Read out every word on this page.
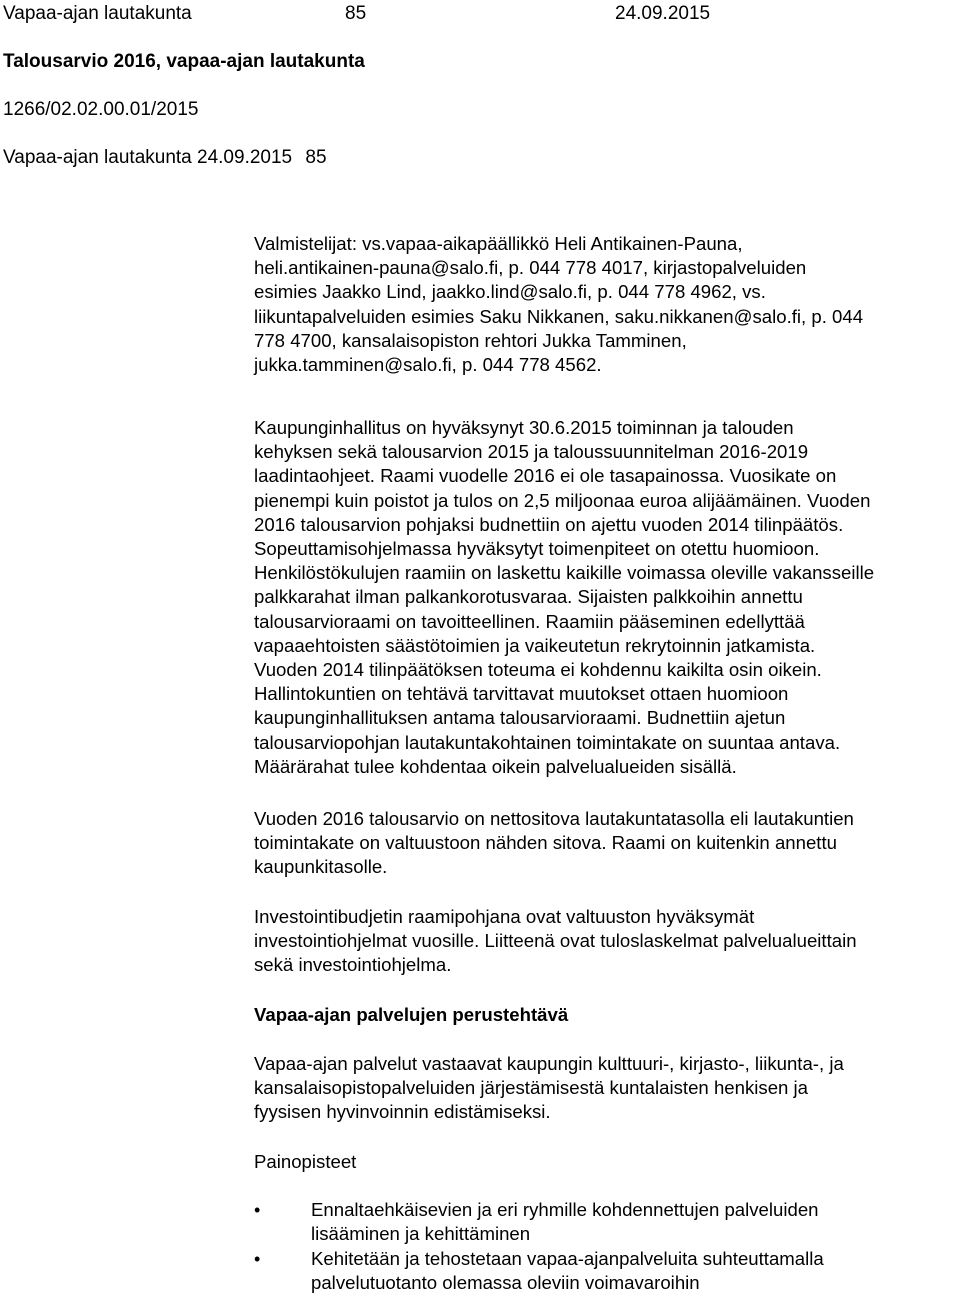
Vapaa-ajan lautakunta	85	24.09.2015
Talousarvio 2016, vapaa-ajan lautakunta
1266/02.02.00.01/2015
Vapaa-ajan lautakunta 24.09.2015 85
Valmistelijat: vs.vapaa-aikapäällikkö Heli Antikainen-Pauna,
heli.antikainen-pauna@salo.fi, p. 044 778 4017, kirjastopalveluiden
esimies Jaakko Lind, jaakko.lind@salo.fi, p. 044 778 4962, vs.
liikuntapalveluiden esimies Saku Nikkanen, saku.nikkanen@salo.fi, p. 044
778 4700, kansalaisopiston rehtori Jukka Tamminen,
jukka.tamminen@salo.fi, p. 044 778 4562.
Kaupunginhallitus on hyväksynyt 30.6.2015 toiminnan ja talouden
kehyksen sekä talousarvion 2015 ja taloussuunnitelman 2016-2019
laadintaohjeet. Raami vuodelle 2016 ei ole tasapainossa. Vuosikate on
pienempi kuin poistot ja tulos on 2,5 miljoonaa euroa alijäämäinen. Vuoden
2016 talousarvion pohjaksi budnettiin on ajettu vuoden 2014 tilinpäätös.
Sopeuttamisohjelmassa hyväksytyt toimenpiteet on otettu huomioon.
Henkilöstökulujen raamiin on laskettu kaikille voimassa oleville vakansseille
palkkarahat ilman palkankorotusvaraa. Sijaisten palkkoihin annettu
talousarvioraami on tavoitteellinen. Raamiin pääseminen edellyttää
vapaaehtoisten säästötoimien ja vaikeutetun rekrytoinnin jatkamista.
Vuoden 2014 tilinpäätöksen toteuma ei kohdennu kaikilta osin oikein.
Hallintokuntien on tehtävä tarvittavat muutokset ottaen huomioon
kaupunginhallituksen antama talousarvioraami. Budnettiin ajetun
talousarviopohjan lautakuntakohtainen toimintakate on suuntaa antava.
Määrärahat tulee kohdentaa oikein palvelualueiden sisällä.
Vuoden 2016 talousarvio on nettositova lautakuntatasolla eli lautakuntien
toimintakate on valtuustoon nähden sitova. Raami on kuitenkin annettu
kaupunkitasolle.
Investointibudjetin raamipohjana ovat valtuuston hyväksymät
investointiohjelmat vuosille. Liitteenä ovat tuloslaskelmat palvelualueittain
sekä investointiohjelma.
Vapaa-ajan palvelujen perustehtävä
Vapaa-ajan palvelut vastaavat kaupungin kulttuuri-, kirjasto-, liikunta-, ja
kansalaisopistopalveluiden järjestämisestä kuntalaisten henkisen ja
fyysisen hyvinvoinnin edistämiseksi.
Painopisteet
•	Ennaltaehkäisevien ja eri ryhmille kohdennettujen palveluiden
lisääminen ja kehittäminen
•	Kehitetään ja tehostetaan vapaa-ajanpalveluita suhteuttamalla
palvelutuotanto olemassa oleviin voimavaroihin
